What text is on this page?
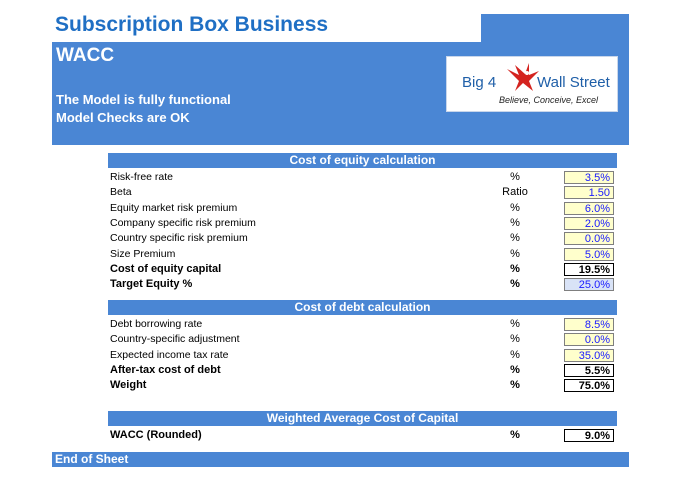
Subscription Box Business
WACC
The Model is fully functional
Model Checks are OK
Big 4	Wall Street
Believe, Conceive, Excel
Cost of equity calculation
Risk-free rate	%	3.5%
Beta	Ratio	1.50
Equity market risk premium	%	6.0%
Company specific risk premium	%	2.0%
Country specific risk premium	%	0.0%
Size Premium	%	5.0%
Cost of equity capital	%	19.5%
Target Equity %	%	25.0%
Cost of debt calculation
Debt borrowing rate	%	8.5%
Country-specific adjustment	%	0.0%
Expected income tax rate	%	35.0%
After-tax cost of debt	%	5.5%
Weight	%	75.0%
Weighted Average Cost of Capital
WACC (Rounded)	%	9.0%
End of Sheet
